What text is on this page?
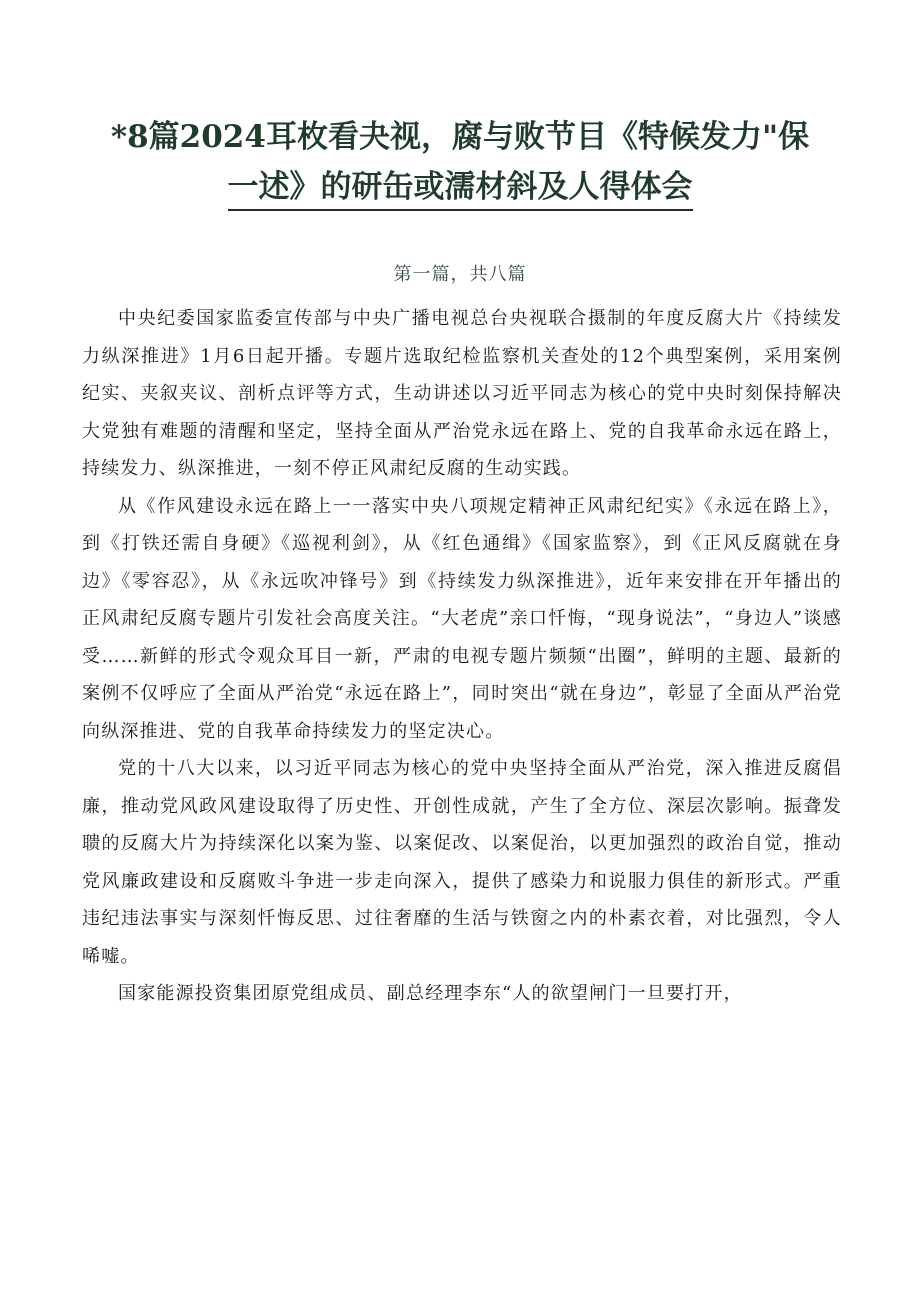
*8篇2024耳枚看夬视，腐与败节目《特候发力"保
一述》的研缶或濡材斜及人得体会
第一篇，共八篇

中央纪委国家监委宣传部与中央广播电视总台央视联合摄制的年度反腐大片《持续发力纵深推进》1月6日起开播。专题片选取纪检监察机关查处的12个典型案例，采用案例纪实、夹叙夹议、剖析点评等方式，生动讲述以习近平同志为核心的党中央时刻保持解决大党独有难题的清醒和坚定，坚持全面从严治党永远在路上、党的自我革命永远在路上，持续发力、纵深推进，一刻不停正风肃纪反腐的生动实践。

从《作风建设永远在路上一一落实中央八项规定精神正风肃纪纪实》《永远在路上》，到《打铁还需自身硬》《巡视利剑》，从《红色通缉》《国家监察》，到《正风反腐就在身边》《零容忍》，从《永远吹冲锋号》到《持续发力纵深推进》，近年来安排在开年播出的正风肃纪反腐专题片引发社会高度关注。“大老虎”亲口忏悔，“现身说法”，“身边人”谈感受……新鲜的形式令观众耳目一新，严肃的电视专题片频频“出圈”，鲜明的主题、最新的案例不仅呼应了全面从严治党“永远在路上”，同时突出“就在身边”，彰显了全面从严治党向纵深推进、党的自我革命持续发力的坚定决心。

党的十八大以来，以习近平同志为核心的党中央坚持全面从严治党，深入推进反腐倡廉，推动党风政风建设取得了历史性、开创性成就，产生了全方位、深层次影响。振聋发聩的反腐大片为持续深化以案为鉴、以案促改、以案促治，以更加强烈的政治自觉，推动党风廉政建设和反腐败斗争进一步走向深入，提供了感染力和说服力俱佳的新形式。严重违纪违法事实与深刻忏悔反思、过往奢靡的生活与铁窗之内的朴素衣着，对比强烈，令人唏嘘。

国家能源投资集团原党组成员、副总经理李东“人的欲望闸门一旦要打开，
